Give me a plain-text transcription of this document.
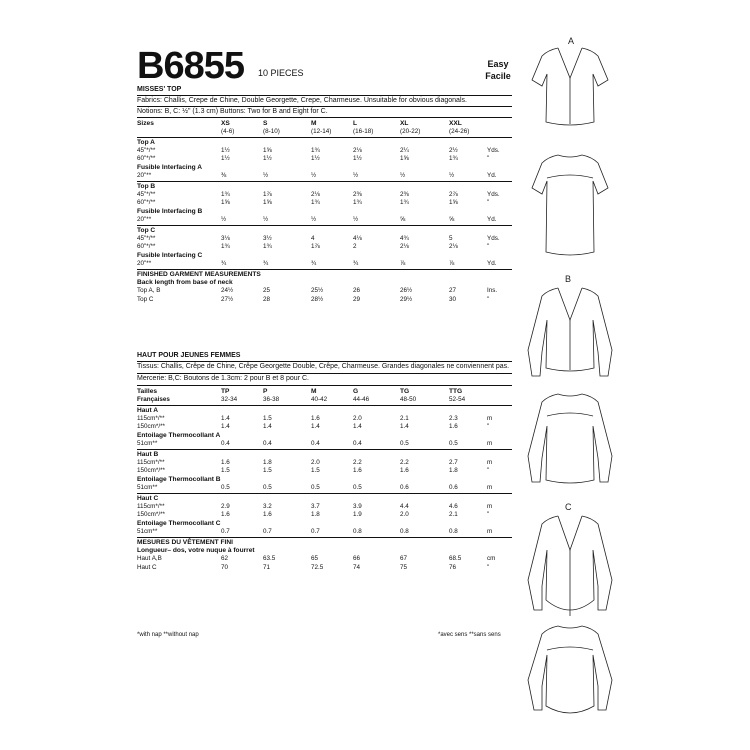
B6855 10 PIECES
Easy
Facile
MISSES' TOP
Fabrics: Challis, Crepe de Chine, Double Georgette, Crepe, Charmeuse. Unsuitable for obvious diagonals.
Notions: B, C: ½" (1.3 cm) Buttons: Two for B and Eight for C.
Sizes	XS	S	M	L	XL	XXL
(4-6)	(8-10)	(12-14)	(16-18)	(20-22)	(24-26)
Top A
45"*/**	1½	1⅝	1¾	2⅛	2¼	2½	Yds.
60"*/**	1½	1½	1½	1½	1⅝	1¾	"
Fusible Interfacing A
20"**	⅜	½	½	½	½	½	Yd.
Top B
45"*/**	1¾	1⅞	2⅛	2⅜	2⅜	2⅞	Yds.
60"*/**	1⅝	1⅝	1¾	1¾	1¾	1⅝	"
Fusible Interfacing B
20"**	½	½	½	½	⅝	⅝	Yd.
Top C
45"*/**	3⅛	3½	4	4⅛	4¾	5	Yds.
60"*/**	1¾	1¾	1⅞	2	2⅛	2⅛	"
Fusible Interfacing C
20"**	¾	¾	¾	¾	⅞	⅞	Yd.
FINISHED GARMENT MEASUREMENTS
Back length from base of neck
Top A, B	24½	25	25½	26	26½	27	Ins.
Top C	27½	28	28½	29	29½	30	"
HAUT POUR JEUNES FEMMES
Tissus: Challis, Crêpe de Chine, Crêpe Georgette Double, Crêpe, Charmeuse. Grandes diagonales ne conviennent pas.
Mercerie: B,C: Boutons de 1.3cm: 2 pour B et 8 pour C.
Tailles	TP	P	M	G	TG	TTG
Françaises	32-34	36-38	40-42	44-46	48-50	52-54
Haut A
115cm*/**	1.4	1.5	1.6	2.0	2.1	2.3	m
150cm*/**	1.4	1.4	1.4	1.4	1.4	1.6	"
Entoilage Thermocollant A
51cm**	0.4	0.4	0.4	0.4	0.5	0.5	m
Haut B
115cm*/**	1.6	1.8	2.0	2.2	2.2	2.7	m
150cm*/**	1.5	1.5	1.5	1.6	1.6	1.8	"
Entoilage Thermocollant B
51cm**	0.5	0.5	0.5	0.5	0.6	0.6	m
Haut C
115cm*/**	2.9	3.2	3.7	3.9	4.4	4.6	m
150cm*/**	1.6	1.6	1.8	1.9	2.0	2.1	"
Entoilage Thermocollant C
51cm**	0.7	0.7	0.7	0.8	0.8	0.8	m
MESURES DU VÊTEMENT FINI
Longueur– dos, votre nuque à fourret
Haut A,B	62	63.5	65	66	67	68.5	cm
Haut C	70	71	72.5	74	75	76	"
*with nap **without nap	*avec sens **sans sens
A
B
C
